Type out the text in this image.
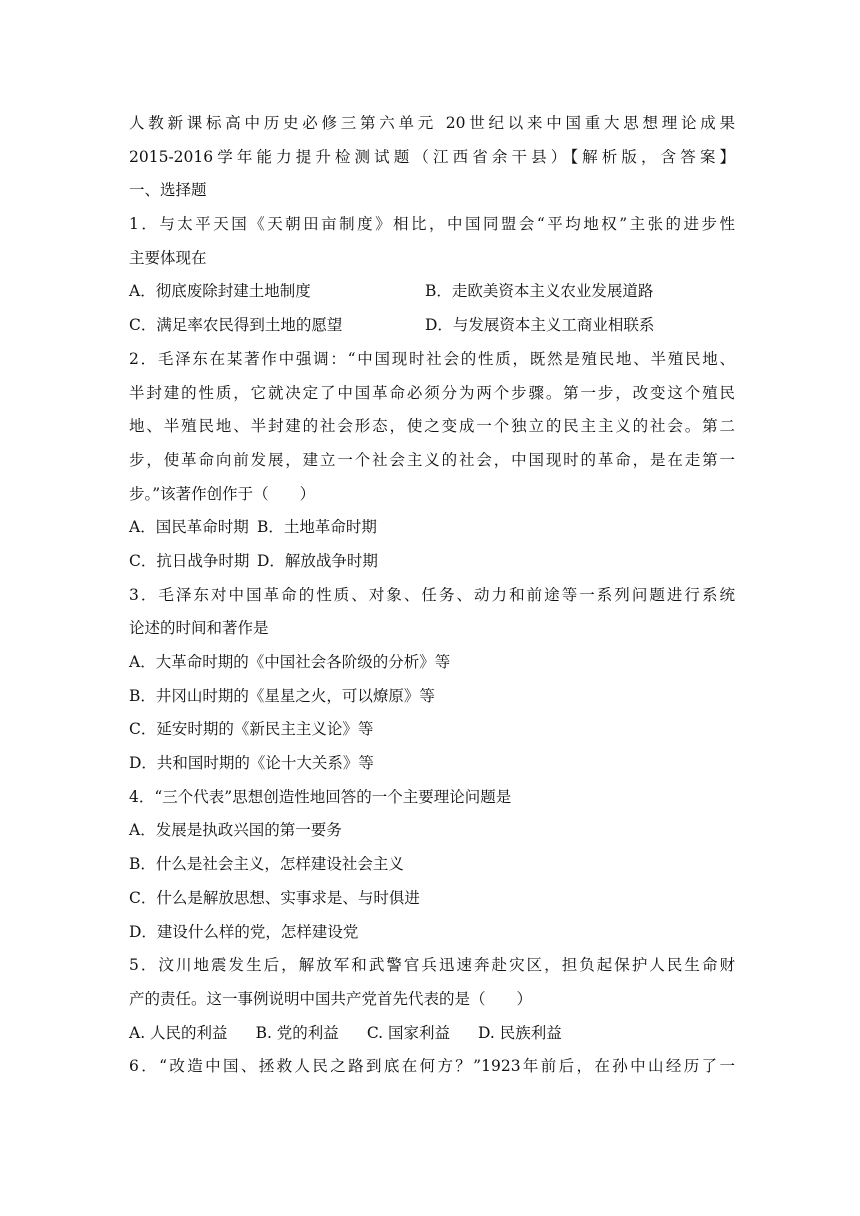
人教新课标高中历史必修三第六单元 20世纪以来中国重大思想理论成果
2015-2016学年能力提升检测试题（江西省余干县）【解析版，含答案】
一、选择题
1．与太平天国《天朝田亩制度》相比，中国同盟会“平均地权”主张的进步性
主要体现在
A．彻底废除封建土地制度	B．走欧美资本主义农业发展道路
C．满足率农民得到土地的愿望	D．与发展资本主义工商业相联系
2．毛泽东在某著作中强调：“中国现时社会的性质，既然是殖民地、半殖民地、
半封建的性质，它就决定了中国革命必须分为两个步骤。第一步，改变这个殖民
地、半殖民地、半封建的社会形态，使之变成一个独立的民主主义的社会。第二
步，使革命向前发展，建立一个社会主义的社会，中国现时的革命，是在走第一
步。”该著作创作于（　　）
A．国民革命时期 B．土地革命时期
C．抗日战争时期 D．解放战争时期
3．毛泽东对中国革命的性质、对象、任务、动力和前途等一系列问题进行系统
论述的时间和著作是
A．大革命时期的《中国社会各阶级的分析》等
B．井冈山时期的《星星之火，可以燎原》等
C．延安时期的《新民主主义论》等
D．共和国时期的《论十大关系》等
4．“三个代表”思想创造性地回答的一个主要理论问题是
A．发展是执政兴国的第一要务
B．什么是社会主义，怎样建设社会主义
C．什么是解放思想、实事求是、与时俱进
D．建设什么样的党，怎样建设党
5．汶川地震发生后，解放军和武警官兵迅速奔赴灾区，担负起保护人民生命财
产的责任。这一事例说明中国共产党首先代表的是（　　）
A. 人民的利益 B. 党的利益 C. 国家利益 D. 民族利益
6．“改造中国、拯救人民之路到底在何方？”1923年前后，在孙中山经历了一
